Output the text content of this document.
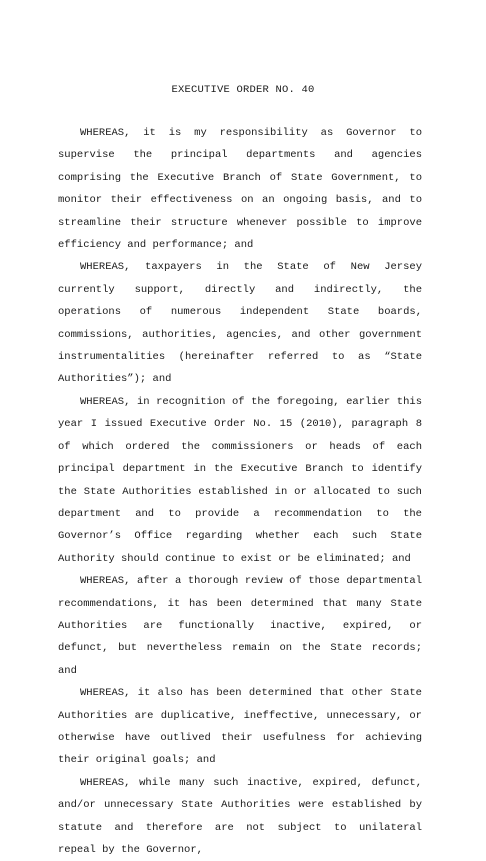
EXECUTIVE ORDER NO. 40

WHEREAS, it is my responsibility as Governor to supervise the principal departments and agencies comprising the Executive Branch of State Government, to monitor their effectiveness on an ongoing basis, and to streamline their structure whenever possible to improve efficiency and performance; and

WHEREAS, taxpayers in the State of New Jersey currently support, directly and indirectly, the operations of numerous independent State boards, commissions, authorities, agencies, and other government instrumentalities (hereinafter referred to as “State Authorities”); and

WHEREAS, in recognition of the foregoing, earlier this year I issued Executive Order No. 15 (2010), paragraph 8 of which ordered the commissioners or heads of each principal department in the Executive Branch to identify the State Authorities established in or allocated to such department and to provide a recommendation to the Governor’s Office regarding whether each such State Authority should continue to exist or be eliminated; and

WHEREAS, after a thorough review of those departmental recommendations, it has been determined that many State Authorities are functionally inactive, expired, or defunct, but nevertheless remain on the State records; and

WHEREAS, it also has been determined that other State Authorities are duplicative, ineffective, unnecessary, or otherwise have outlived their usefulness for achieving their original goals; and

WHEREAS, while many such inactive, expired, defunct, and/or unnecessary State Authorities were established by statute and therefore are not subject to unilateral repeal by the Governor,
